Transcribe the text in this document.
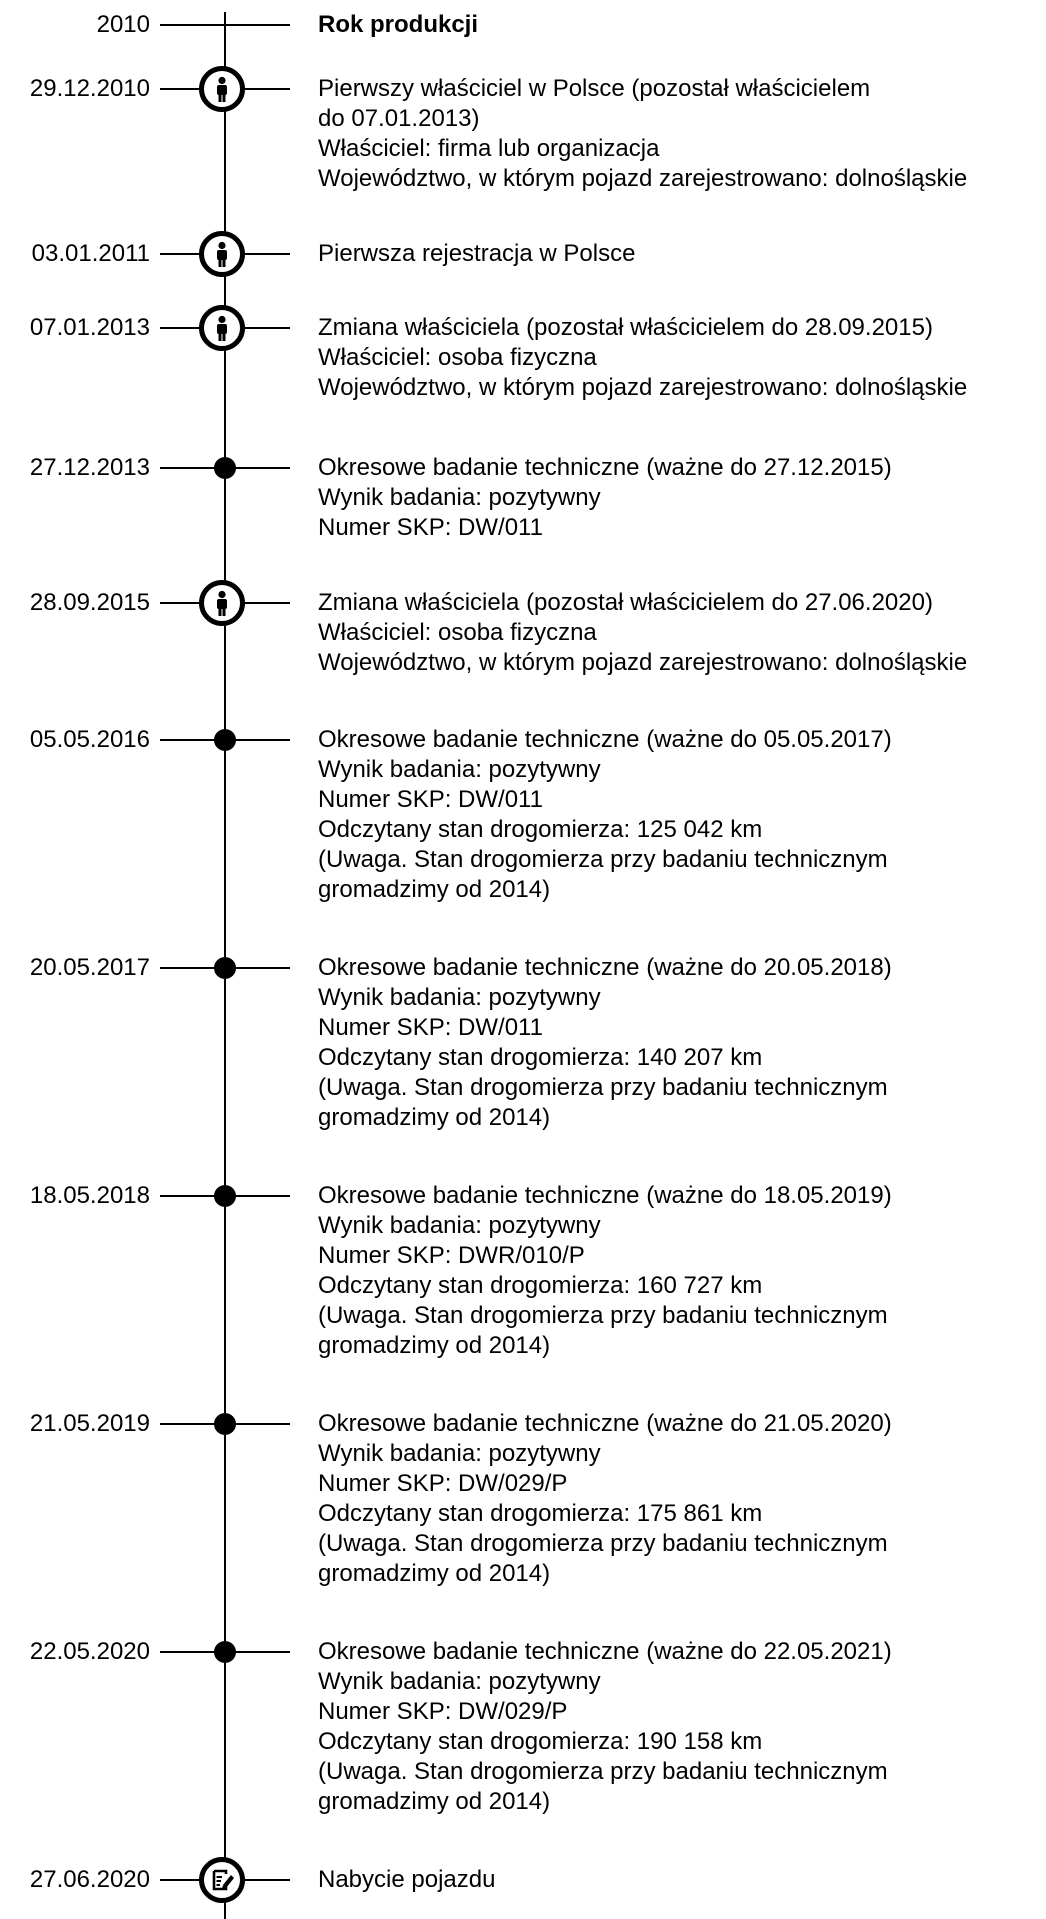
2010	Rok produkcji
29.12.2010	Pierwszy właściciel w Polsce (pozostał właścicielem
do 07.01.2013)
Właściciel: firma lub organizacja
Województwo, w którym pojazd zarejestrowano: dolnośląskie
03.01.2011	Pierwsza rejestracja w Polsce
07.01.2013	Zmiana właściciela (pozostał właścicielem do 28.09.2015)
Właściciel: osoba fizyczna
Województwo, w którym pojazd zarejestrowano: dolnośląskie
27.12.2013	Okresowe badanie techniczne (ważne do 27.12.2015)
Wynik badania: pozytywny
Numer SKP: DW/011
28.09.2015	Zmiana właściciela (pozostał właścicielem do 27.06.2020)
Właściciel: osoba fizyczna
Województwo, w którym pojazd zarejestrowano: dolnośląskie
05.05.2016	Okresowe badanie techniczne (ważne do 05.05.2017)
Wynik badania: pozytywny
Numer SKP: DW/011
Odczytany stan drogomierza: 125 042 km
(Uwaga. Stan drogomierza przy badaniu technicznym
gromadzimy od 2014)
20.05.2017	Okresowe badanie techniczne (ważne do 20.05.2018)
Wynik badania: pozytywny
Numer SKP: DW/011
Odczytany stan drogomierza: 140 207 km
(Uwaga. Stan drogomierza przy badaniu technicznym
gromadzimy od 2014)
18.05.2018	Okresowe badanie techniczne (ważne do 18.05.2019)
Wynik badania: pozytywny
Numer SKP: DWR/010/P
Odczytany stan drogomierza: 160 727 km
(Uwaga. Stan drogomierza przy badaniu technicznym
gromadzimy od 2014)
21.05.2019	Okresowe badanie techniczne (ważne do 21.05.2020)
Wynik badania: pozytywny
Numer SKP: DW/029/P
Odczytany stan drogomierza: 175 861 km
(Uwaga. Stan drogomierza przy badaniu technicznym
gromadzimy od 2014)
22.05.2020	Okresowe badanie techniczne (ważne do 22.05.2021)
Wynik badania: pozytywny
Numer SKP: DW/029/P
Odczytany stan drogomierza: 190 158 km
(Uwaga. Stan drogomierza przy badaniu technicznym
gromadzimy od 2014)
27.06.2020	Nabycie pojazdu
